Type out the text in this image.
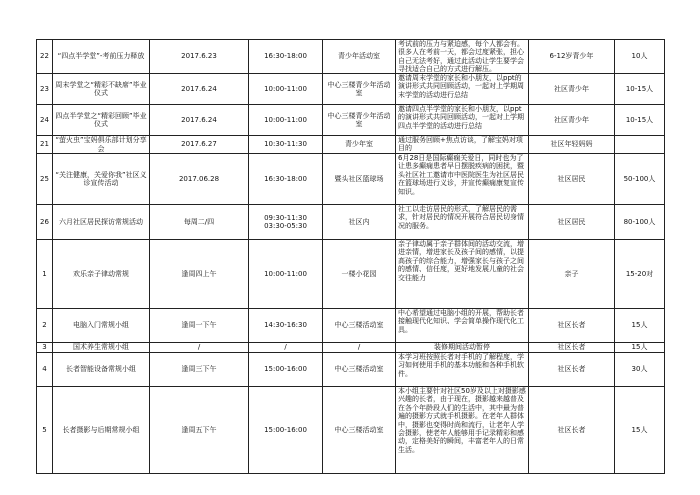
22	“四点半学堂”-考前压力释放	2017.6.23	16:30-18:00	青少年活动室	考试前的压力与紧迫感，每个人都会有。很多人在考前一天，都会过度紧张，担心自己无法考好，通过此活动让学生要学会寻找适合自己的方式进行解压。	6-12岁青少年	10人
23	周末学堂之“精彩不缺席”毕业仪式	2017.6.24	10:00-11:00	中心三楼青少年活动室	邀请周末学堂的家长和小朋友，以ppt的演讲形式共同回顾活动，一起对上学期周末学堂的活动进行总结	社区青少年	10-15人
24	四点半学堂之“精彩回顾”毕业仪式	2017.6.24	10:00-11:00	中心三楼青少年活动室	邀请四点半学堂的家长和小朋友，以ppt的演讲形式共同回顾活动，一起对上学期四点半学堂的活动进行总结	社区青少年	10-15人
21	“萤火虫”宝妈俱乐部计划分享会	2017.6.27	10:30-11:30	青少年室	通过服务回顾+焦点访谈，了解宝妈对项目的	社区年轻妈妈	
25	“关注健康，关爱你我”社区义诊宣传活动	2017.06.28	16:30-18:00	暨头社区篮球场	6月28日是国际癫痫关爱日，同时也为了让患多癫痫患者早日摆脱疾病的困扰，暨头社区社工邀请市中医院医生为社区居民在篮球场进行义诊，并宣传癫痫康复宣传知识。	社区居民	50-100人
26	六月社区居民探访常规活动	每周二/四	09:30-11:30
03:30-05:30	社区内	社工以走访居民的形式，了解居民的需求，针对居民的情况开展符合居民切身情况的服务。	社区居民	80-100人
1	欢乐亲子律动常规	逢周四上午	10:00-11:00	一楼小花园	亲子律动属于亲子群体间的活动交流，增进亲情，增进家长及孩子间的感情，以提高孩子的综合能力，增强家长与孩子之间的感情、信任度，更好地发展儿童的社会交往能力	亲子	15-20对
2	电脑入门常规小组	逢周一下午	14:30-16:30	中心三楼活动室	中心希望通过电脑小组的开展，帮助长者接触现代化知识、学会简单操作现代化工具。	社区长者	15人
3	国术养生常规小组	/	/	/	装修期间活动暂停	社区长者	15人
4	长者智能设备常规小组	逢周三下午	15:00-16:00	中心三楼活动室	本学习班按照长者对手机的了解程度，学习如何使用手机的基本功能和各种手机软件。	社区长者	30人
5	长者摄影与后期常规小组	逢周五下午	15:00-16:00	中心三楼活动室	本小组主要针对社区50岁及以上对摄影感兴趣的长者，由于现在，摄影越来越普及在各个年龄段人们的生活中，其中最为普遍的摄影方式就手机摄影。在老年人群体中，摄影也变得时尚和流行，让老年人学会摄影，使老年人能够用手记录精彩和感动，定格美好的瞬间，丰富老年人的日常生活。	社区长者	15人
